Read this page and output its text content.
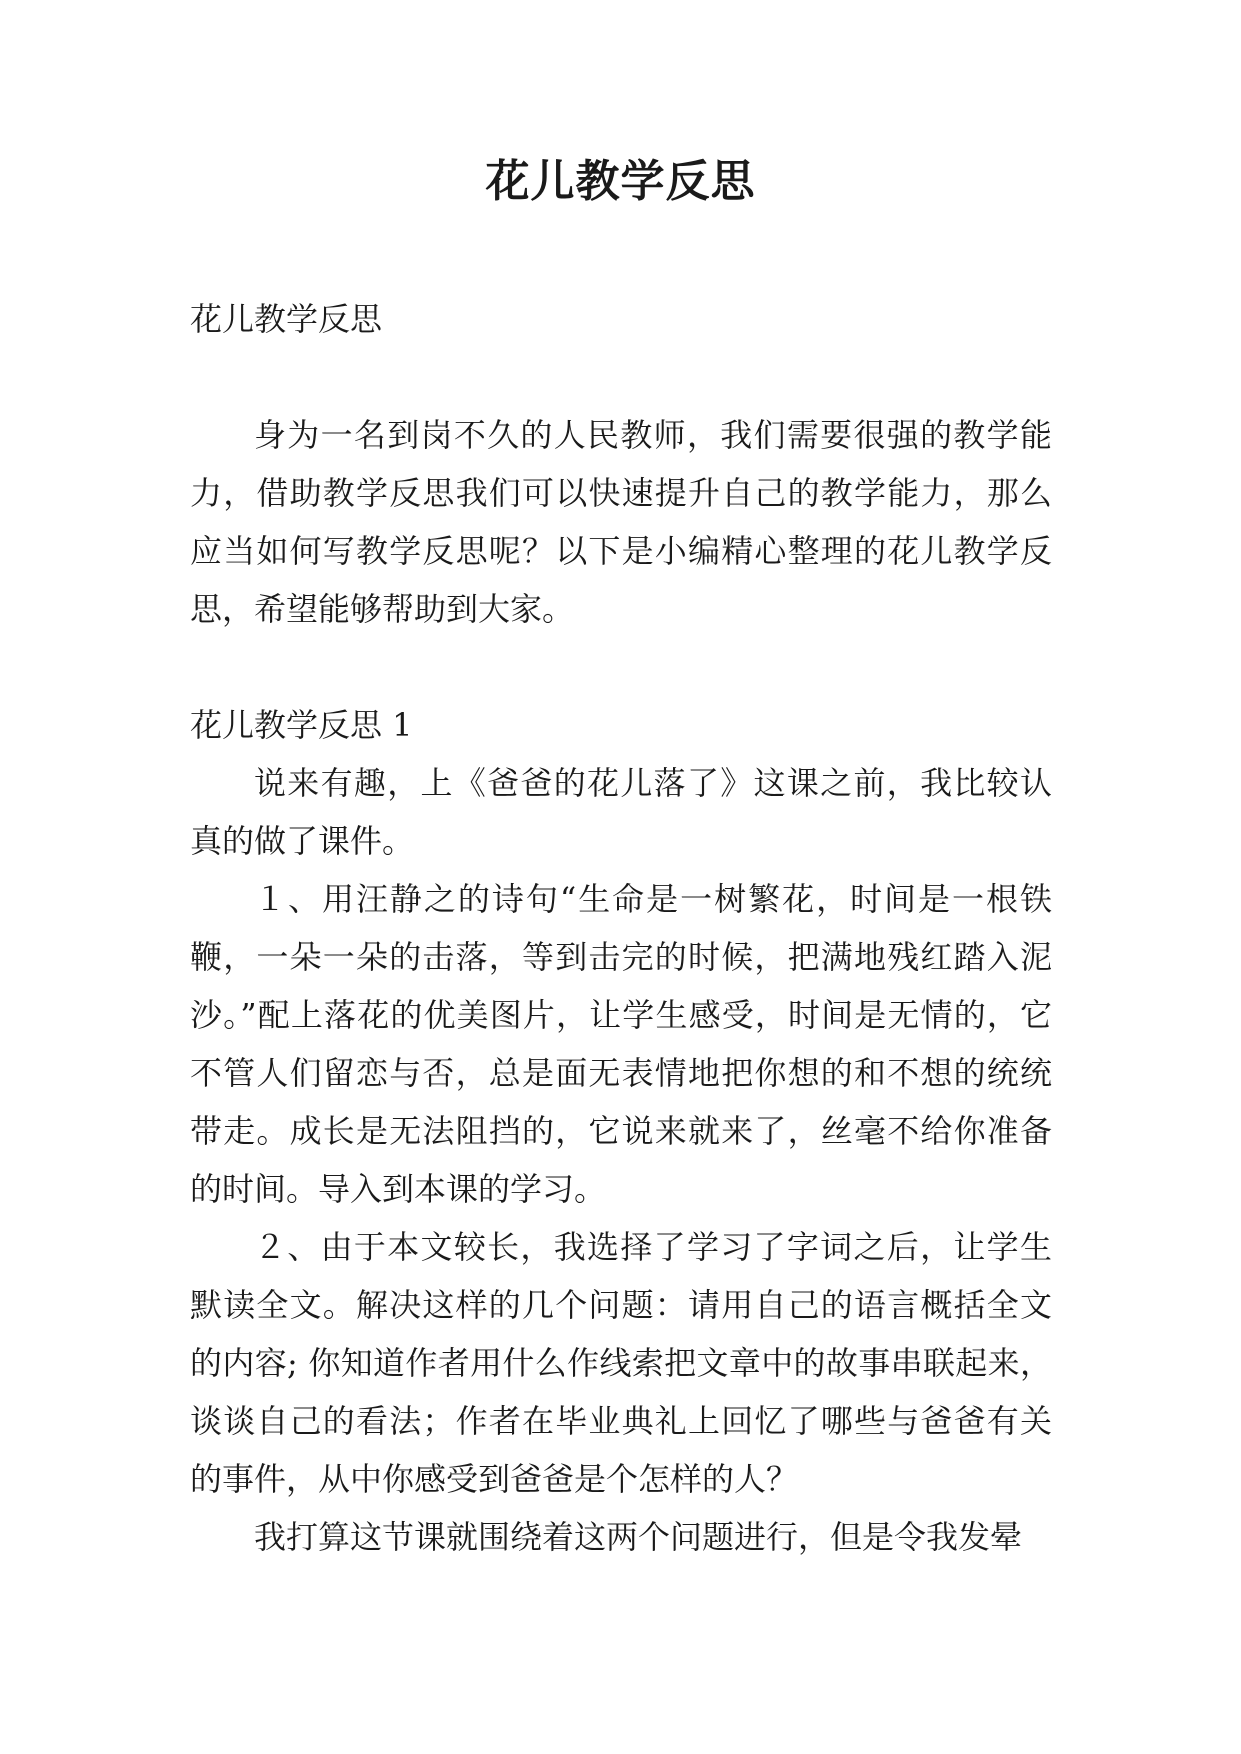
花儿教学反思

花儿教学反思

身为一名到岗不久的人民教师，我们需要很强的教学能力，借助教学反思我们可以快速提升自己的教学能力，那么应当如何写教学反思呢？以下是小编精心整理的花儿教学反思，希望能够帮助到大家。

花儿教学反思 1

说来有趣，上《爸爸的花儿落了》这课之前，我比较认真的做了课件。

１、用汪静之的诗句“生命是一树繁花，时间是一根铁鞭，一朵一朵的击落，等到击完的时候，把满地残红踏入泥沙。”配上落花的优美图片，让学生感受，时间是无情的，它不管人们留恋与否，总是面无表情地把你想的和不想的统统带走。成长是无法阻挡的，它说来就来了，丝毫不给你准备的时间。导入到本课的学习。

２、由于本文较长，我选择了学习了字词之后，让学生默读全文。解决这样的几个问题：请用自己的语言概括全文的内容; 你知道作者用什么作线索把文章中的故事串联起来，谈谈自己的看法；作者在毕业典礼上回忆了哪些与爸爸有关的事件，从中你感受到爸爸是个怎样的人？

我打算这节课就围绕着这两个问题进行，但是令我发晕
